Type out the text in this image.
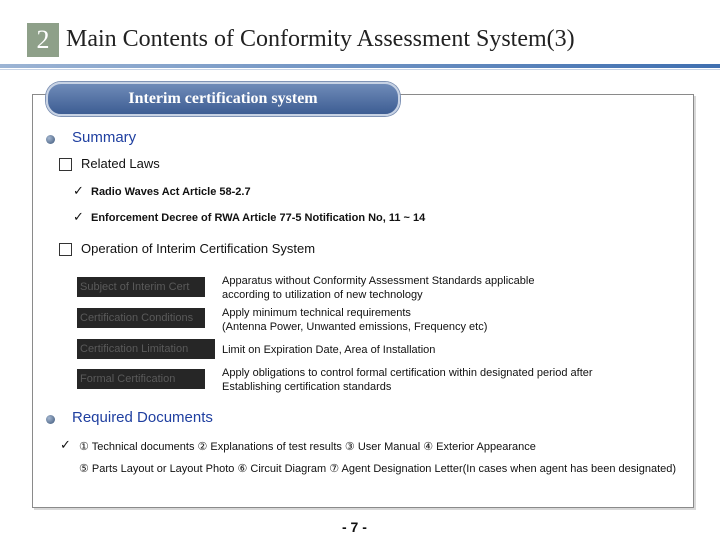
2 Main Contents of Conformity Assessment System(3)
Interim certification system
Summary
Related Laws
✓ Radio Waves Act Article 58-2.7
✓ Enforcement Decree of RWA Article 77-5 Notification No, 11 ~ 14
Operation of Interim Certification System
Subject of Interim Cert	Apparatus without Conformity Assessment Standards applicable
according to utilization of new technology
Certification Conditions	Apply minimum technical requirements
(Antenna Power, Unwanted emissions, Frequency etc)
Certification Limitation	Limit on Expiration Date, Area of Installation
Formal Certification	Apply obligations to control formal certification within designated period after
Establishing certification standards
Required Documents
✓ ① Technical documents ② Explanations of test results ③ User Manual ④ Exterior Appearance
⑤ Parts Layout or Layout Photo ⑥ Circuit Diagram ⑦ Agent Designation Letter(In cases when agent has been designated)
- 7 -
